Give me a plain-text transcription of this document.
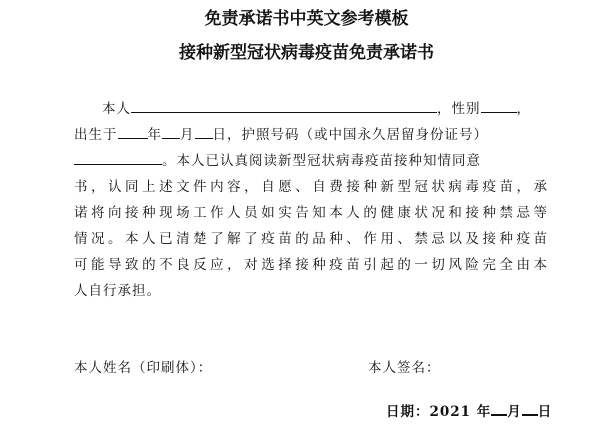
免责承诺书中英文参考模板
接种新型冠状病毒疫苗免责承诺书
本人	，性别	，
出生于 年 月 日，护照号码（或中国永久居留身份证号）
。本人已认真阅读新型冠状病毒疫苗接种知情同意
书，认同上述文件内容，自愿、自费接种新型冠状病毒疫苗，承
诺将向接种现场工作人员如实告知本人的健康状况和接种禁忌等
情况。本人已清楚了解了疫苗的品种、作用、禁忌以及接种疫苗
可能导致的不良反应，对选择接种疫苗引起的一切风险完全由本
人自行承担。
本人姓名（印刷体）：	本人签名：
日期：2021 年 月 日
